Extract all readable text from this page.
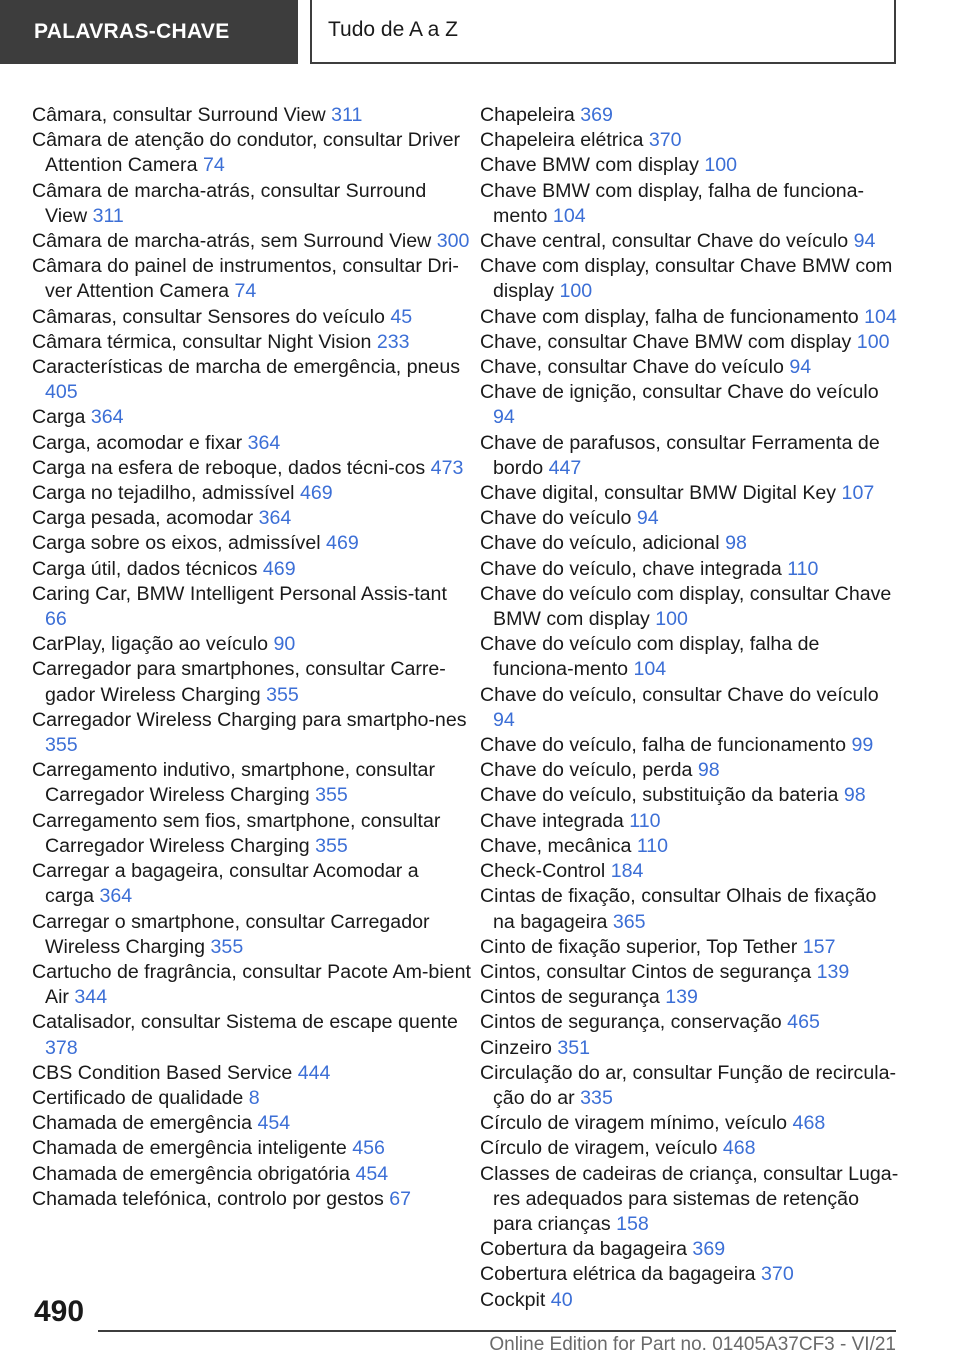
PALAVRAS-CHAVE	Tudo de A a Z

Câmara, consultar Surround View 311

Câmara de atenção do condutor, consultar Driver Attention Camera 74

Câmara de marcha-atrás, consultar Surround View 311

Câmara de marcha-atrás, sem Surround View 300

Câmara do painel de instrumentos, consultar Dri‐ver Attention Camera 74

Câmaras, consultar Sensores do veículo 45

Câmara térmica, consultar Night Vision 233

Características de marcha de emergência, pneus 405

Carga 364

Carga, acomodar e fixar 364

Carga na esfera de reboque, dados técni‐cos 473

Carga no tejadilho, admissível 469

Carga pesada, acomodar 364

Carga sobre os eixos, admissível 469

Carga útil, dados técnicos 469

Caring Car, BMW Intelligent Personal Assis‐tant 66

CarPlay, ligação ao veículo 90

Carregador para smartphones, consultar Carre‐gador Wireless Charging 355

Carregador Wireless Charging para smartpho‐nes 355

Carregamento indutivo, smartphone, consultar Carregador Wireless Charging 355

Carregamento sem fios, smartphone, consultar Carregador Wireless Charging 355

Carregar a bagageira, consultar Acomodar a carga 364

Carregar o smartphone, consultar Carregador Wireless Charging 355

Cartucho de fragrância, consultar Pacote Am‐bient Air 344

Catalisador, consultar Sistema de escape quente 378

CBS Condition Based Service 444

Certificado de qualidade 8

Chamada de emergência 454

Chamada de emergência inteligente 456

Chamada de emergência obrigatória 454

Chamada telefónica, controlo por gestos 67

Chapeleira 369

Chapeleira elétrica 370

Chave BMW com display 100

Chave BMW com display, falha de funciona‐mento 104

Chave central, consultar Chave do veículo 94

Chave com display, consultar Chave BMW com display 100

Chave com display, falha de funcionamento 104

Chave, consultar Chave BMW com display 100

Chave, consultar Chave do veículo 94

Chave de ignição, consultar Chave do veículo 94

Chave de parafusos, consultar Ferramenta de bordo 447

Chave digital, consultar BMW Digital Key 107

Chave do veículo 94

Chave do veículo, adicional 98

Chave do veículo, chave integrada 110

Chave do veículo com display, consultar Chave BMW com display 100

Chave do veículo com display, falha de funciona‐mento 104

Chave do veículo, consultar Chave do veículo 94

Chave do veículo, falha de funcionamento 99

Chave do veículo, perda 98

Chave do veículo, substituição da bateria 98

Chave integrada 110

Chave, mecânica 110

Check-Control 184

Cintas de fixação, consultar Olhais de fixação na bagageira 365

Cinto de fixação superior, Top Tether 157

Cintos, consultar Cintos de segurança 139

Cintos de segurança 139

Cintos de segurança, conservação 465

Cinzeiro 351

Circulação do ar, consultar Função de recircula‐ção do ar 335

Círculo de viragem mínimo, veículo 468

Círculo de viragem, veículo 468

Classes de cadeiras de criança, consultar Luga‐res adequados para sistemas de retenção para crianças 158

Cobertura da bagageira 369

Cobertura elétrica da bagageira 370

Cockpit 40

490
Online Edition for Part no. 01405A37CF3 - VI/21
